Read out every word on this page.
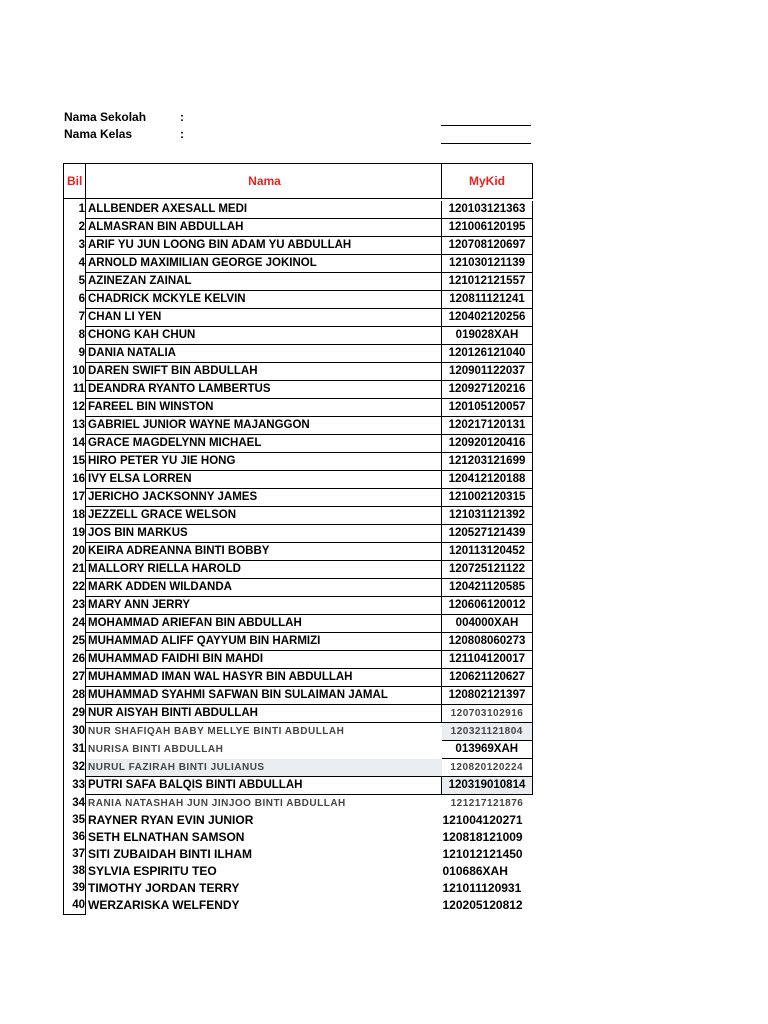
Nama Sekolah	:
Nama Kelas	:
Bil	Nama	MyKid

1	ALLBENDER AXESALL MEDI	120103121363
2	ALMASRAN BIN ABDULLAH	121006120195
3	ARIF YU JUN LOONG BIN ADAM YU ABDULLAH	120708120697
4	ARNOLD MAXIMILIAN GEORGE JOKINOL	121030121139
5	AZINEZAN ZAINAL	121012121557
6	CHADRICK MCKYLE KELVIN	120811121241
7	CHAN LI YEN	120402120256
8	CHONG KAH CHUN	019028XAH
9	DANIA NATALIA	120126121040
10	DAREN SWIFT BIN ABDULLAH	120901122037
11	DEANDRA RYANTO LAMBERTUS	120927120216
12	FAREEL BIN WINSTON	120105120057
13	GABRIEL JUNIOR WAYNE MAJANGGON	120217120131
14	GRACE MAGDELYNN MICHAEL	120920120416
15	HIRO PETER YU JIE HONG	121203121699
16	IVY ELSA LORREN	120412120188
17	JERICHO JACKSONNY JAMES	121002120315
18	JEZZELL GRACE WELSON	121031121392
19	JOS BIN MARKUS	120527121439
20	KEIRA ADREANNA BINTI BOBBY	120113120452
21	MALLORY RIELLA HAROLD	120725121122
22	MARK ADDEN WILDANDA	120421120585
23	MARY ANN JERRY	120606120012
24	MOHAMMAD ARIEFAN BIN ABDULLAH	004000XAH
25	MUHAMMAD ALIFF QAYYUM BIN HARMIZI	120808060273
26	MUHAMMAD FAIDHI BIN MAHDI	121104120017
27	MUHAMMAD IMAN WAL HASYR BIN ABDULLAH	120621120627
28	MUHAMMAD SYAHMI SAFWAN BIN SULAIMAN JAMAL	120802121397
29	NUR AISYAH BINTI ABDULLAH	120703102916
30	NUR SHAFIQAH BABY MELLYE BINTI ABDULLAH	120321121804
31	NURISA BINTI ABDULLAH	013969XAH
32	NURUL FAZIRAH BINTI JULIANUS	120820120224
33	PUTRI SAFA BALQIS BINTI ABDULLAH	120319010814
34	RANIA NATASHAH JUN JINJOO BINTI ABDULLAH	121217121876
35	RAYNER RYAN EVIN JUNIOR	121004120271
36	SETH ELNATHAN SAMSON	120818121009
37	SITI ZUBAIDAH BINTI ILHAM	121012121450
38	SYLVIA ESPIRITU TEO	010686XAH
39	TIMOTHY JORDAN TERRY	121011120931
40	WERZARISKA WELFENDY	120205120812
